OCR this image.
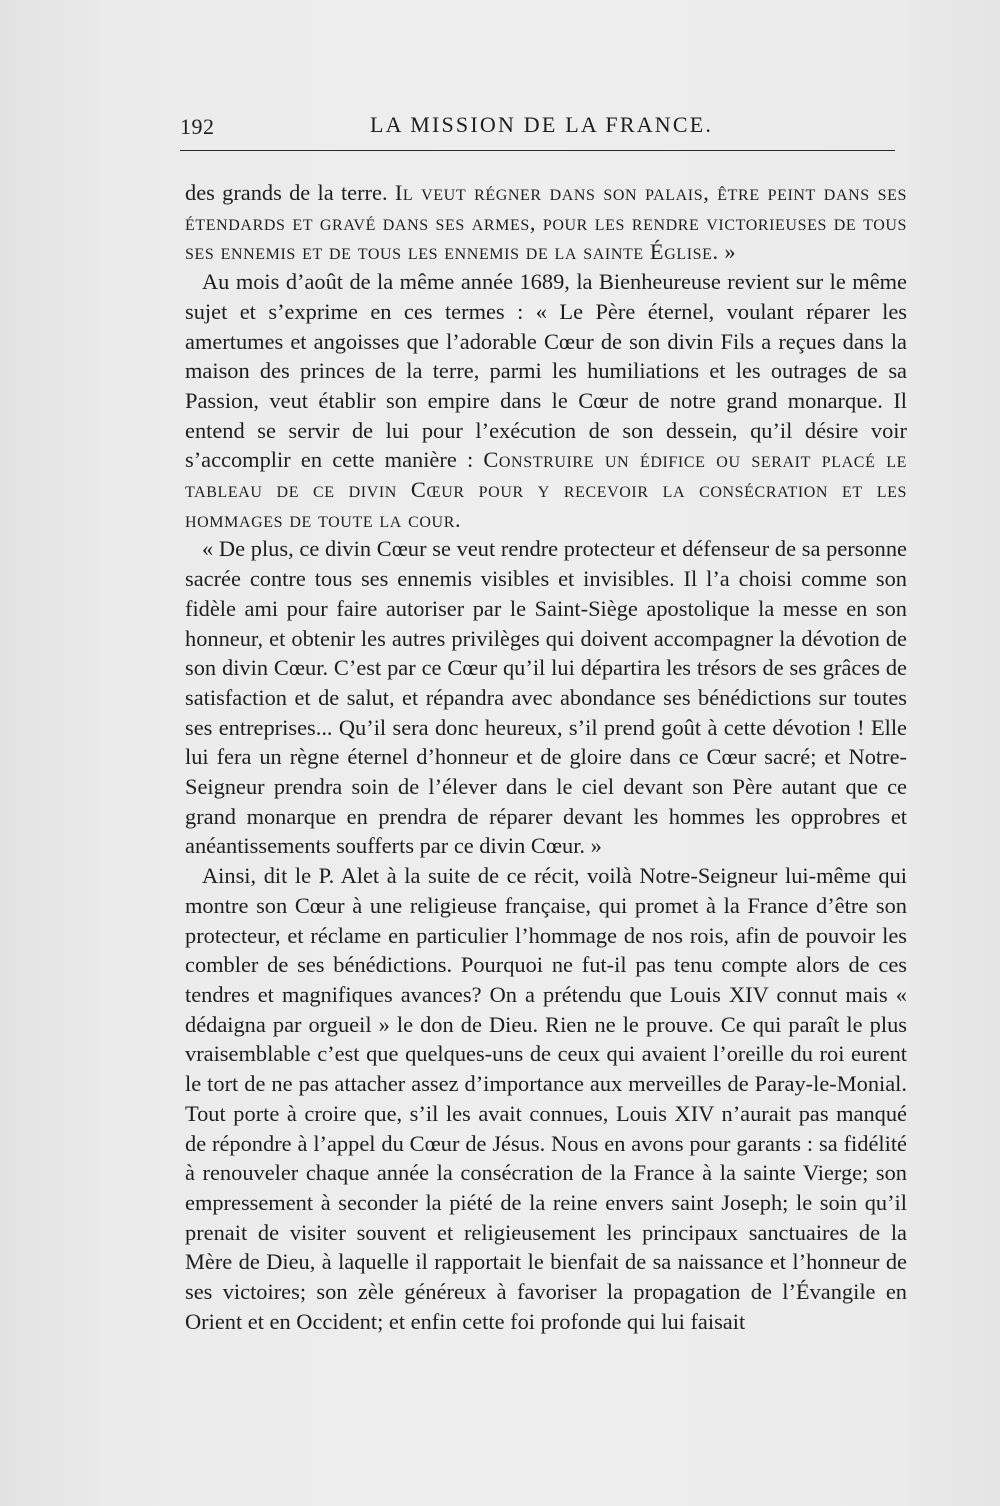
192	LA MISSION DE LA FRANCE.

des grands de la terre. Il veut régner dans son palais, être peint dans ses étendards et gravé dans ses armes, pour les rendre victorieuses de tous ses ennemis et de tous les ennemis de la sainte Église. »

Au mois d’août de la même année 1689, la Bienheureuse revient sur le même sujet et s’exprime en ces termes : « Le Père éternel, voulant réparer les amertumes et angoisses que l’adorable Cœur de son divin Fils a reçues dans la maison des princes de la terre, parmi les humiliations et les outrages de sa Passion, veut établir son empire dans le Cœur de notre grand monarque. Il entend se servir de lui pour l’exécution de son dessein, qu’il désire voir s’accomplir en cette manière : Construire un édifice ou serait placé le tableau de ce divin Cœur pour y recevoir la consécration et les hommages de toute la cour.

« De plus, ce divin Cœur se veut rendre protecteur et défenseur de sa personne sacrée contre tous ses ennemis visibles et invisibles. Il l’a choisi comme son fidèle ami pour faire autoriser par le Saint-Siège apostolique la messe en son honneur, et obtenir les autres privilèges qui doivent accompagner la dévotion de son divin Cœur. C’est par ce Cœur qu’il lui départira les trésors de ses grâces de satisfaction et de salut, et répandra avec abondance ses bénédictions sur toutes ses entreprises... Qu’il sera donc heureux, s’il prend goût à cette dévotion ! Elle lui fera un règne éternel d’honneur et de gloire dans ce Cœur sacré; et Notre-Seigneur prendra soin de l’élever dans le ciel devant son Père autant que ce grand monarque en prendra de réparer devant les hommes les opprobres et anéantissements soufferts par ce divin Cœur. »

Ainsi, dit le P. Alet à la suite de ce récit, voilà Notre-Seigneur lui-même qui montre son Cœur à une religieuse française, qui promet à la France d’être son protecteur, et réclame en particulier l’hommage de nos rois, afin de pouvoir les combler de ses bénédictions. Pourquoi ne fut-il pas tenu compte alors de ces tendres et magnifiques avances? On a prétendu que Louis XIV connut mais « dédaigna par orgueil » le don de Dieu. Rien ne le prouve. Ce qui paraît le plus vraisemblable c’est que quelques-uns de ceux qui avaient l’oreille du roi eurent le tort de ne pas attacher assez d’importance aux merveilles de Paray-le-Monial. Tout porte à croire que, s’il les avait connues, Louis XIV n’aurait pas manqué de répondre à l’appel du Cœur de Jésus. Nous en avons pour garants : sa fidélité à renouveler chaque année la consécration de la France à la sainte Vierge; son empressement à seconder la piété de la reine envers saint Joseph; le soin qu’il prenait de visiter souvent et religieusement les principaux sanctuaires de la Mère de Dieu, à laquelle il rapportait le bienfait de sa naissance et l’honneur de ses victoires; son zèle généreux à favoriser la propagation de l’Évangile en Orient et en Occident; et enfin cette foi profonde qui lui faisait
